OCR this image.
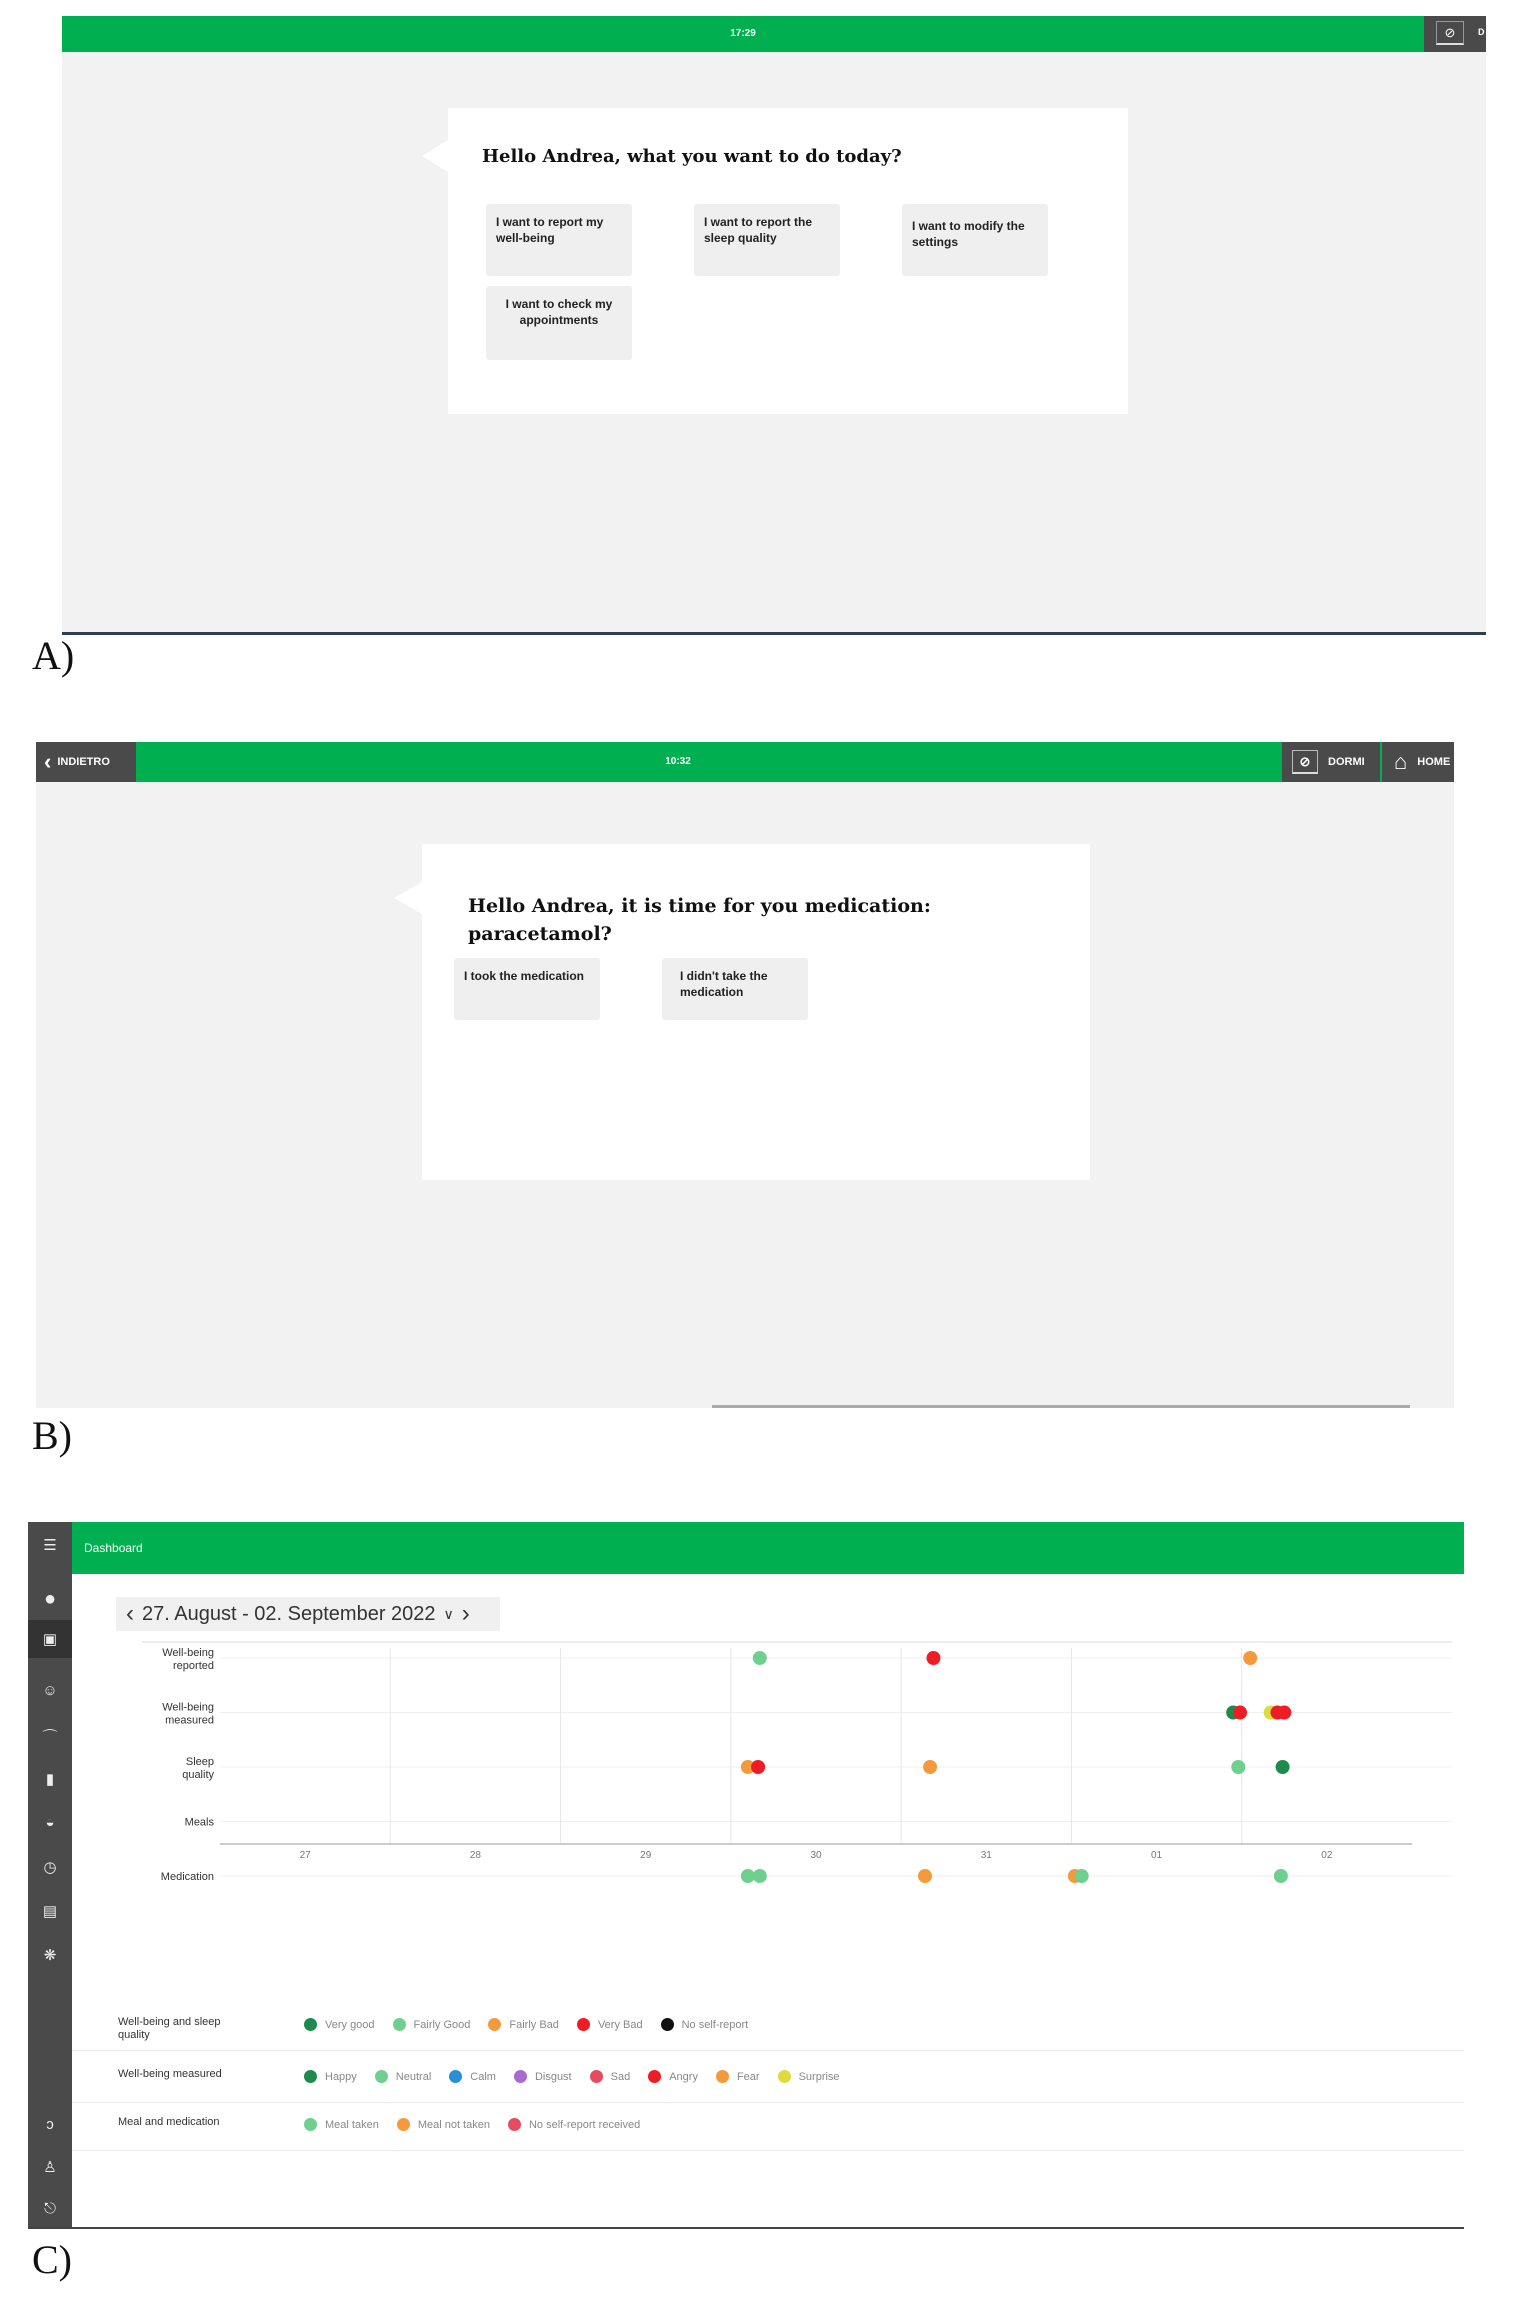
17:29	⊘	D
Hello Andrea, what you want to do today?
I want to report my well-being
I want to report the sleep quality
I want to modify the settings
I want to check my appointments
A)
‹ INDIETRO	10:32	⊘	DORMI ⌂ HOME
Hello Andrea, it is time for you medication: paracetamol?
I took the medication	I didn't take the medication
B)
☰
●
▣
☺
⌒
▮
◒
◷
▤
❋
ɔ
♙
⎋
Dashboard
‹ 27. August - 02. September 2022 ∨ ›
Well-being reported
Well-being measured
Sleep quality
Meals
Medication
27	28	29	30	31	01	02
Well-being and sleep quality
Very good	Fairly Good	Fairly Bad	Very Bad	No self-report
Well-being measured	Happy	Neutral	Calm	Disgust	Sad	Angry	Fear	Surprise
Meal and medication	Meal taken	Meal not taken	No self-report received
C)
